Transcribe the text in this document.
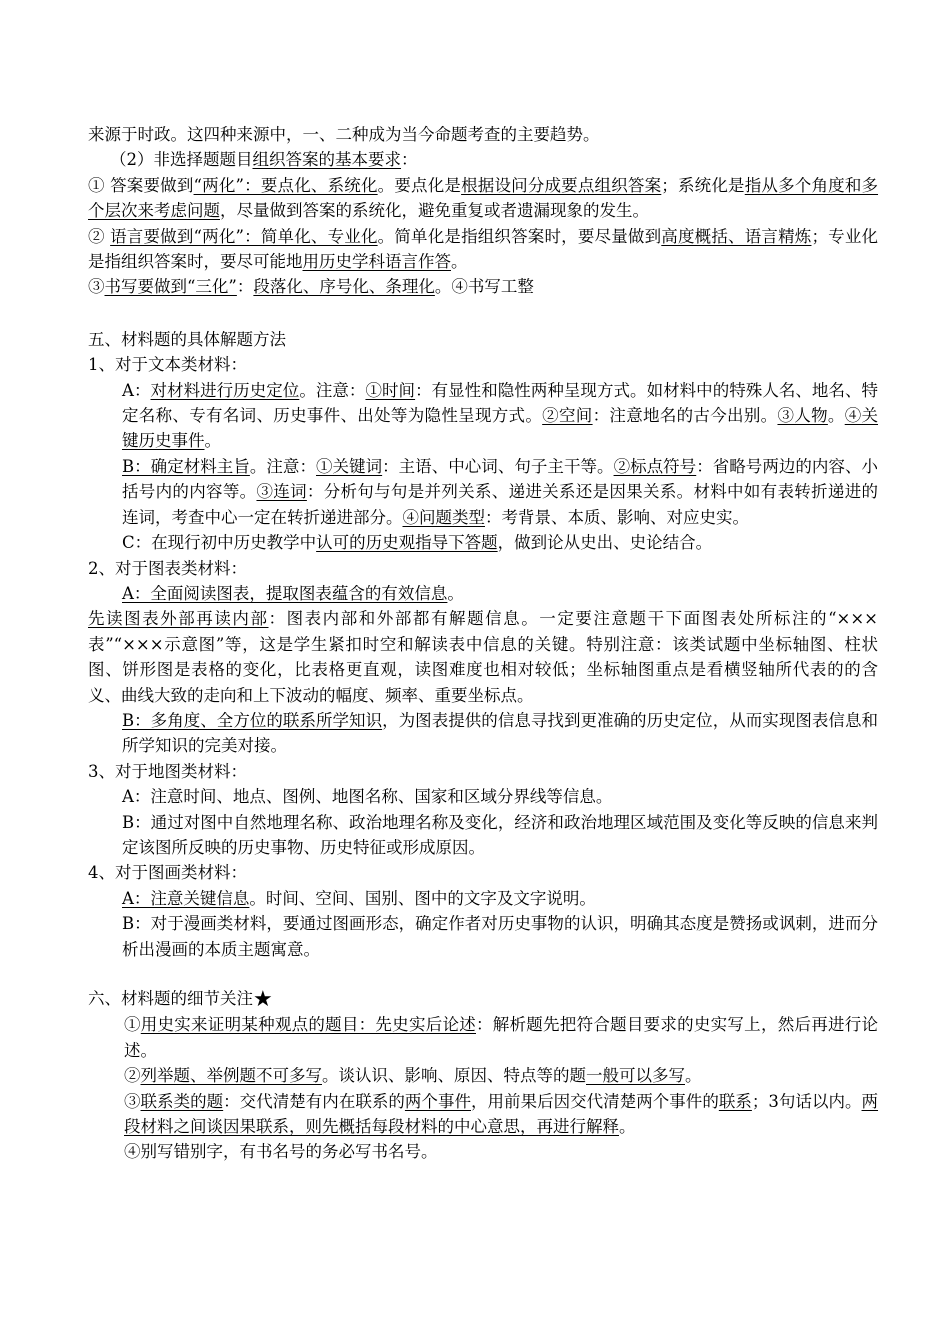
来源于时政。这四种来源中，一、二种成为当今命题考查的主要趋势。

（2）非选择题题目组织答案的基本要求：

① 答案要做到“两化”：要点化、系统化。要点化是根据设问分成要点组织答案；系统化是指从多个角度和多个层次来考虑问题，尽量做到答案的系统化，避免重复或者遗漏现象的发生。

② 语言要做到“两化”：简单化、专业化。简单化是指组织答案时，要尽量做到高度概括、语言精炼；专业化是指组织答案时，要尽可能地用历史学科语言作答。

③书写要做到“三化”：段落化、序号化、条理化。④书写工整

五、材料题的具体解题方法

1、对于文本类材料：

A：对材料进行历史定位。注意：①时间：有显性和隐性两种呈现方式。如材料中的特殊人名、地名、特定名称、专有名词、历史事件、出处等为隐性呈现方式。②空间：注意地名的古今出别。③人物。④关键历史事件。

B：确定材料主旨。注意：①关键词：主语、中心词、句子主干等。②标点符号：省略号两边的内容、小括号内的内容等。③连词：分析句与句是并列关系、递进关系还是因果关系。材料中如有表转折递进的连词，考查中心一定在转折递进部分。④问题类型：考背景、本质、影响、对应史实。

C：在现行初中历史教学中认可的历史观指导下答题，做到论从史出、史论结合。

2、对于图表类材料：

A：全面阅读图表，提取图表蕴含的有效信息。

先读图表外部再读内部：图表内部和外部都有解题信息。一定要注意题干下面图表处所标注的“×××表”“×××示意图”等，这是学生紧扣时空和解读表中信息的关键。特别注意：该类试题中坐标轴图、柱状图、饼形图是表格的变化，比表格更直观，读图难度也相对较低；坐标轴图重点是看横竖轴所代表的的含义、曲线大致的走向和上下波动的幅度、频率、重要坐标点。

B：多角度、全方位的联系所学知识，为图表提供的信息寻找到更准确的历史定位，从而实现图表信息和所学知识的完美对接。

3、对于地图类材料：

A：注意时间、地点、图例、地图名称、国家和区域分界线等信息。

B：通过对图中自然地理名称、政治地理名称及变化，经济和政治地理区域范围及变化等反映的信息来判定该图所反映的历史事物、历史特征或形成原因。

4、对于图画类材料：

A：注意关键信息。时间、空间、国别、图中的文字及文字说明。

B：对于漫画类材料，要通过图画形态，确定作者对历史事物的认识，明确其态度是赞扬或讽刺，进而分析出漫画的本质主题寓意。

六、材料题的细节关注★

①用史实来证明某种观点的题目：先史实后论述：解析题先把符合题目要求的史实写上，然后再进行论述。

②列举题、举例题不可多写。谈认识、影响、原因、特点等的题一般可以多写。

③联系类的题：交代清楚有内在联系的两个事件，用前果后因交代清楚两个事件的联系；3句话以内。两段材料之间谈因果联系，则先概括每段材料的中心意思，再进行解释。

④别写错别字，有书名号的务必写书名号。
